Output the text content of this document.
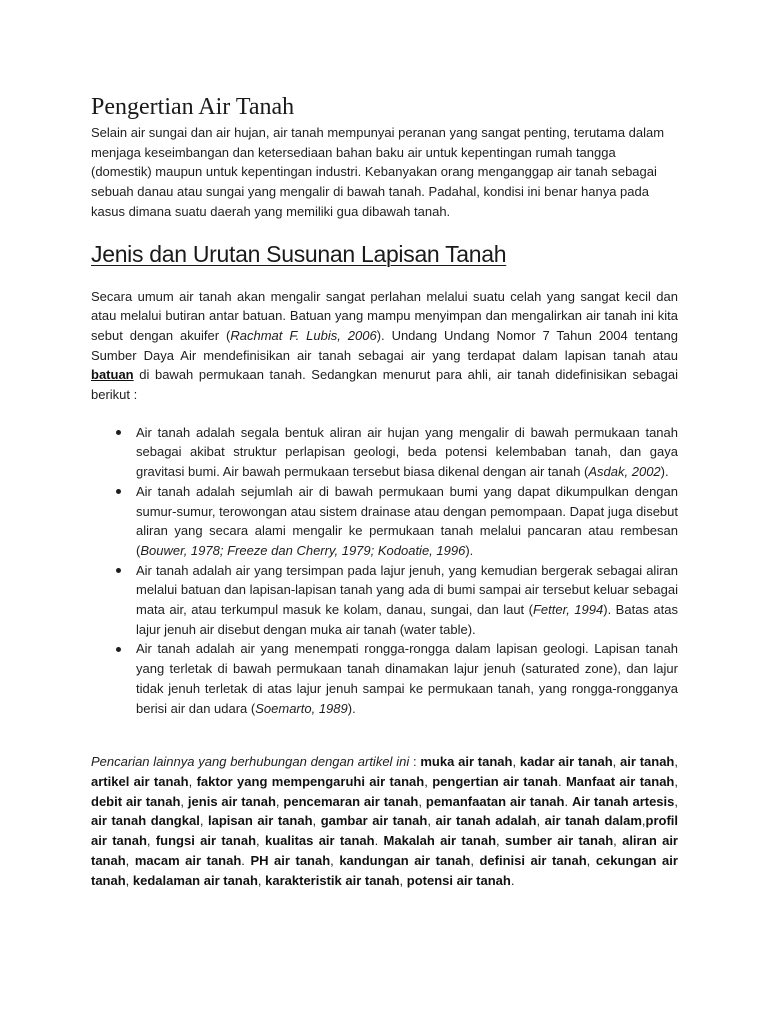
Pengertian Air Tanah

Selain air sungai dan air hujan, air tanah mempunyai peranan yang sangat penting, terutama dalam menjaga keseimbangan dan ketersediaan bahan baku air untuk kepentingan rumah tangga (domestik) maupun untuk kepentingan industri. Kebanyakan orang menganggap air tanah sebagai sebuah danau atau sungai yang mengalir di bawah tanah. Padahal, kondisi ini benar hanya pada kasus dimana suatu daerah yang memiliki gua dibawah tanah.

Jenis dan Urutan Susunan Lapisan Tanah

Secara umum air tanah akan mengalir sangat perlahan melalui suatu celah yang sangat kecil dan atau melalui butiran antar batuan. Batuan yang mampu menyimpan dan mengalirkan air tanah ini kita sebut dengan akuifer (Rachmat F. Lubis, 2006). Undang Undang Nomor 7 Tahun 2004 tentang Sumber Daya Air mendefinisikan air tanah sebagai air yang terdapat dalam lapisan tanah atau batuan di bawah permukaan tanah. Sedangkan menurut para ahli, air tanah didefinisikan sebagai berikut :

Air tanah adalah segala bentuk aliran air hujan yang mengalir di bawah permukaan tanah sebagai akibat struktur perlapisan geologi, beda potensi kelembaban tanah, dan gaya gravitasi bumi. Air bawah permukaan tersebut biasa dikenal dengan air tanah (Asdak, 2002).
Air tanah adalah sejumlah air di bawah permukaan bumi yang dapat dikumpulkan dengan sumur-sumur, terowongan atau sistem drainase atau dengan pemompaan. Dapat juga disebut aliran yang secara alami mengalir ke permukaan tanah melalui pancaran atau rembesan (Bouwer, 1978; Freeze dan Cherry, 1979; Kodoatie, 1996).
Air tanah adalah air yang tersimpan pada lajur jenuh, yang kemudian bergerak sebagai aliran melalui batuan dan lapisan-lapisan tanah yang ada di bumi sampai air tersebut keluar sebagai mata air, atau terkumpul masuk ke kolam, danau, sungai, dan laut (Fetter, 1994). Batas atas lajur jenuh air disebut dengan muka air tanah (water table).
Air tanah adalah air yang menempati rongga-rongga dalam lapisan geologi. Lapisan tanah yang terletak di bawah permukaan tanah dinamakan lajur jenuh (saturated zone), dan lajur tidak jenuh terletak di atas lajur jenuh sampai ke permukaan tanah, yang rongga-rongganya berisi air dan udara (Soemarto, 1989).

Pencarian lainnya yang berhubungan dengan artikel ini : muka air tanah, kadar air tanah, air tanah, artikel air tanah, faktor yang mempengaruhi air tanah, pengertian air tanah. Manfaat air tanah, debit air tanah, jenis air tanah, pencemaran air tanah, pemanfaatan air tanah. Air tanah artesis, air tanah dangkal, lapisan air tanah, gambar air tanah, air tanah adalah, air tanah dalam,profil air tanah, fungsi air tanah, kualitas air tanah. Makalah air tanah, sumber air tanah, aliran air tanah, macam air tanah. PH air tanah, kandungan air tanah, definisi air tanah, cekungan air tanah, kedalaman air tanah, karakteristik air tanah, potensi air tanah.
